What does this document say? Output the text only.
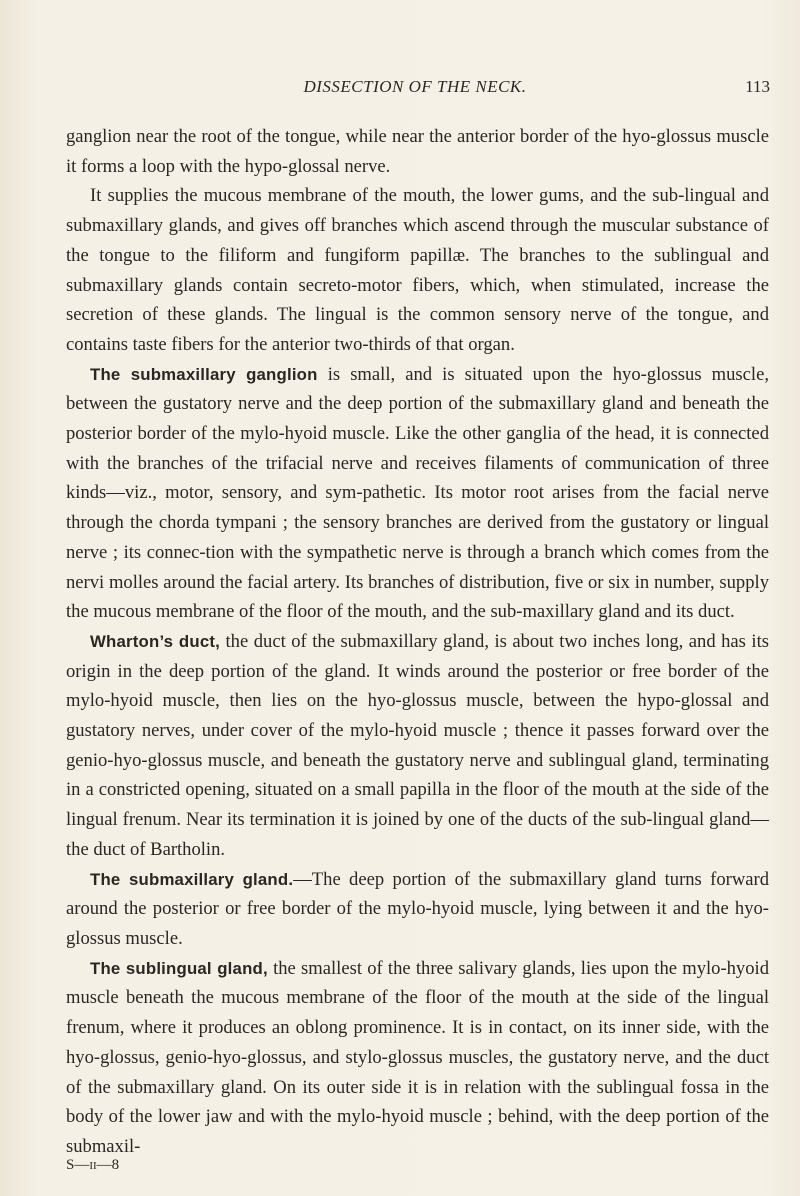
DISSECTION OF THE NECK.	113

ganglion near the root of the tongue, while near the anterior border of the hyo-glossus muscle it forms a loop with the hypo-glossal nerve.

It supplies the mucous membrane of the mouth, the lower gums, and the sub-lingual and submaxillary glands, and gives off branches which ascend through the muscular substance of the tongue to the filiform and fungiform papillæ. The branches to the sublingual and submaxillary glands contain secreto-motor fibers, which, when stimulated, increase the secretion of these glands. The lingual is the common sensory nerve of the tongue, and contains taste fibers for the anterior two-thirds of that organ.

The submaxillary ganglion is small, and is situated upon the hyo-glossus muscle, between the gustatory nerve and the deep portion of the submaxillary gland and beneath the posterior border of the mylo-hyoid muscle. Like the other ganglia of the head, it is connected with the branches of the trifacial nerve and receives filaments of communication of three kinds—viz., motor, sensory, and sym-pathetic. Its motor root arises from the facial nerve through the chorda tympani ; the sensory branches are derived from the gustatory or lingual nerve ; its connec-tion with the sympathetic nerve is through a branch which comes from the nervi molles around the facial artery. Its branches of distribution, five or six in number, supply the mucous membrane of the floor of the mouth, and the sub-maxillary gland and its duct.

Wharton’s duct, the duct of the submaxillary gland, is about two inches long, and has its origin in the deep portion of the gland. It winds around the posterior or free border of the mylo-hyoid muscle, then lies on the hyo-glossus muscle, between the hypo-glossal and gustatory nerves, under cover of the mylo-hyoid muscle ; thence it passes forward over the genio-hyo-glossus muscle, and beneath the gustatory nerve and sublingual gland, terminating in a constricted opening, situated on a small papilla in the floor of the mouth at the side of the lingual frenum. Near its termination it is joined by one of the ducts of the sub-lingual gland—the duct of Bartholin.

The submaxillary gland.—The deep portion of the submaxillary gland turns forward around the posterior or free border of the mylo-hyoid muscle, lying between it and the hyo-glossus muscle.

The sublingual gland, the smallest of the three salivary glands, lies upon the mylo-hyoid muscle beneath the mucous membrane of the floor of the mouth at the side of the lingual frenum, where it produces an oblong prominence. It is in contact, on its inner side, with the hyo-glossus, genio-hyo-glossus, and stylo-glossus muscles, the gustatory nerve, and the duct of the submaxillary gland. On its outer side it is in relation with the sublingual fossa in the body of the lower jaw and with the mylo-hyoid muscle ; behind, with the deep portion of the submaxil-

S—ii—8
